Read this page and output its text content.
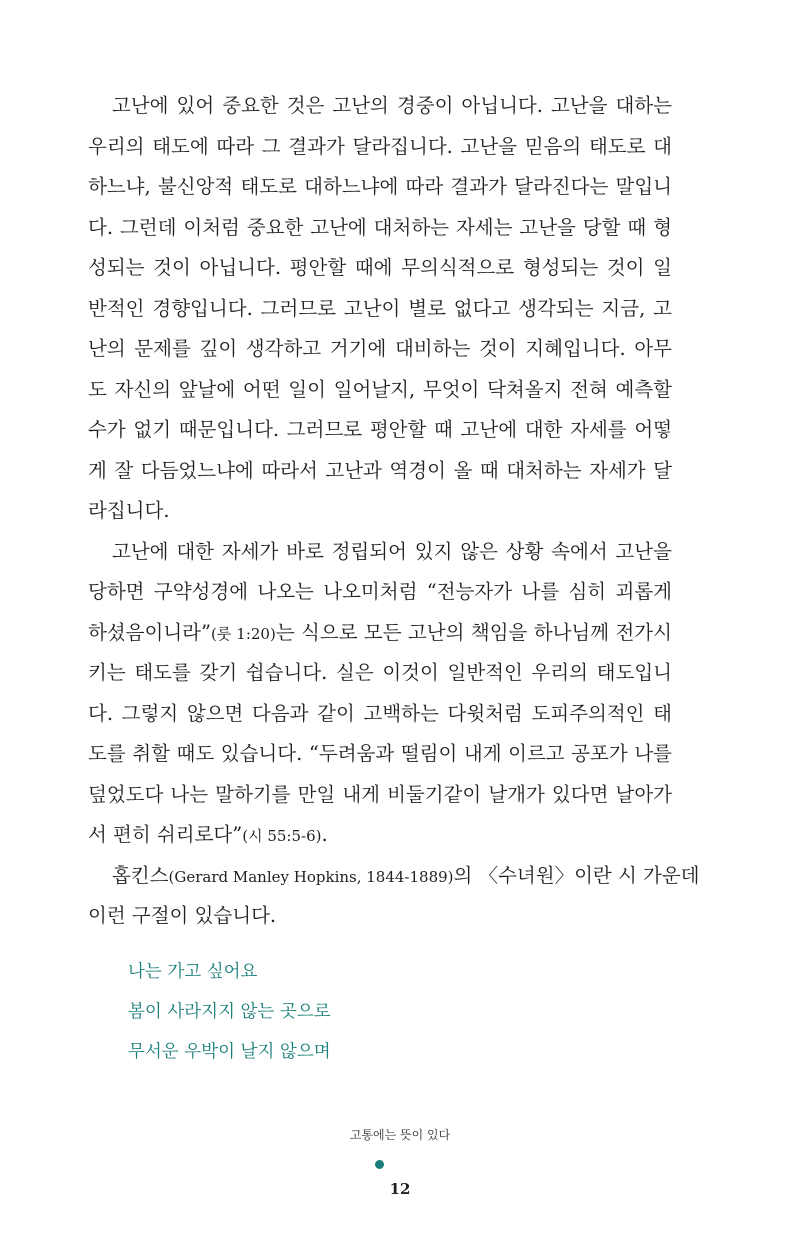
고난에 있어 중요한 것은 고난의 경중이 아닙니다. 고난을 대하는
우리의 태도에 따라 그 결과가 달라집니다. 고난을 믿음의 태도로 대
하느냐, 불신앙적 태도로 대하느냐에 따라 결과가 달라진다는 말입니
다. 그런데 이처럼 중요한 고난에 대처하는 자세는 고난을 당할 때 형
성되는 것이 아닙니다. 평안할 때에 무의식적으로 형성되는 것이 일
반적인 경향입니다. 그러므로 고난이 별로 없다고 생각되는 지금, 고
난의 문제를 깊이 생각하고 거기에 대비하는 것이 지혜입니다. 아무
도 자신의 앞날에 어떤 일이 일어날지, 무엇이 닥쳐올지 전혀 예측할
수가 없기 때문입니다. 그러므로 평안할 때 고난에 대한 자세를 어떻
게 잘 다듬었느냐에 따라서 고난과 역경이 올 때 대처하는 자세가 달
라집니다.
고난에 대한 자세가 바로 정립되어 있지 않은 상황 속에서 고난을
당하면 구약성경에 나오는 나오미처럼 “전능자가 나를 심히 괴롭게
하셨음이니라”(룻 1:20)는 식으로 모든 고난의 책임을 하나님께 전가시
키는 태도를 갖기 쉽습니다. 실은 이것이 일반적인 우리의 태도입니
다. 그렇지 않으면 다음과 같이 고백하는 다윗처럼 도피주의적인 태
도를 취할 때도 있습니다. “두려움과 떨림이 내게 이르고 공포가 나를
덮었도다 나는 말하기를 만일 내게 비둘기같이 날개가 있다면 날아가
서 편히 쉬리로다”(시 55:5-6).
홉킨스(Gerard Manley Hopkins, 1844-1889)의 〈수녀원〉이란 시 가운데
이런 구절이 있습니다.
나는 가고 싶어요
봄이 사라지지 않는 곳으로
무서운 우박이 날지 않으며
고통에는 뜻이 있다
12
